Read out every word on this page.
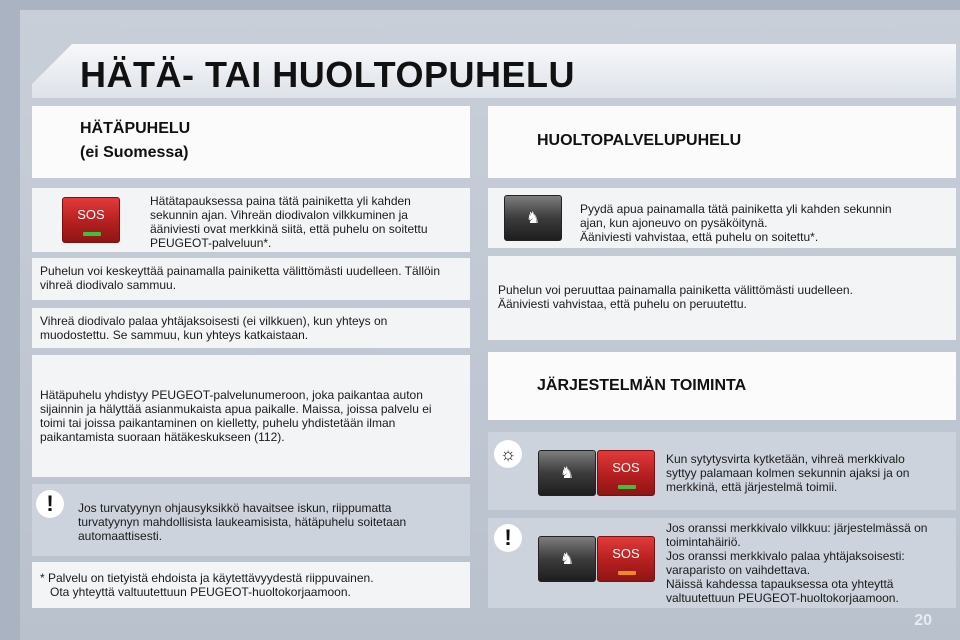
HÄTÄ- TAI HUOLTOPUHELU
HÄTÄPUHELU
(ei Suomessa)
SOS
Hätätapauksessa paina tätä painiketta yli kahden sekunnin ajan. Vihreän diodivalon vilkkuminen ja ääniviesti ovat merkkinä siitä, että puhelu on soitettu PEUGEOT-palveluun*.
Puhelun voi keskeyttää painamalla painiketta välittömästi uudelleen. Tällöin vihreä diodivalo sammuu.
Vihreä diodivalo palaa yhtäjaksoisesti (ei vilkkuen), kun yhteys on muodostettu. Se sammuu, kun yhteys katkaistaan.
Hätäpuhelu yhdistyy PEUGEOT-palvelunumeroon, joka paikantaa auton sijainnin ja hälyttää asianmukaista apua paikalle. Maissa, joissa palvelu ei toimi tai joissa paikantaminen on kielletty, puhelu yhdistetään ilman paikantamista suoraan hätäkeskukseen (112).
!	Jos turvatyynyn ohjausyksikkö havaitsee iskun, riippumatta turvatyynyn mahdollisista laukeamisista, hätäpuhelu soitetaan automaattisesti.
* Palvelu on tietyistä ehdoista ja käytettävyydestä riippuvainen.
Ota yhteyttä valtuutettuun PEUGEOT-huoltokorjaamoon.
HUOLTOPALVELUPUHELU
♞
Pyydä apua painamalla tätä painiketta yli kahden sekunnin ajan, kun ajoneuvo on pysäköitynä.
Ääniviesti vahvistaa, että puhelu on soitettu*.
Puhelun voi peruuttaa painamalla painiketta välittömästi uudelleen.
Ääniviesti vahvistaa, että puhelu on peruutettu.
JÄRJESTELMÄN TOIMINTA
☼
♞	SOS
Kun sytytysvirta kytketään, vihreä merkkivalo syttyy palamaan kolmen sekunnin ajaksi ja on merkkinä, että järjestelmä toimii.
!
♞	SOS
Jos oranssi merkkivalo vilkkuu: järjestelmässä on toimintahäiriö.
Jos oranssi merkkivalo palaa yhtäjaksoisesti: varaparisto on vaihdettava.
Näissä kahdessa tapauksessa ota yhteyttä valtuutettuun PEUGEOT-huoltokorjaamoon.
20
